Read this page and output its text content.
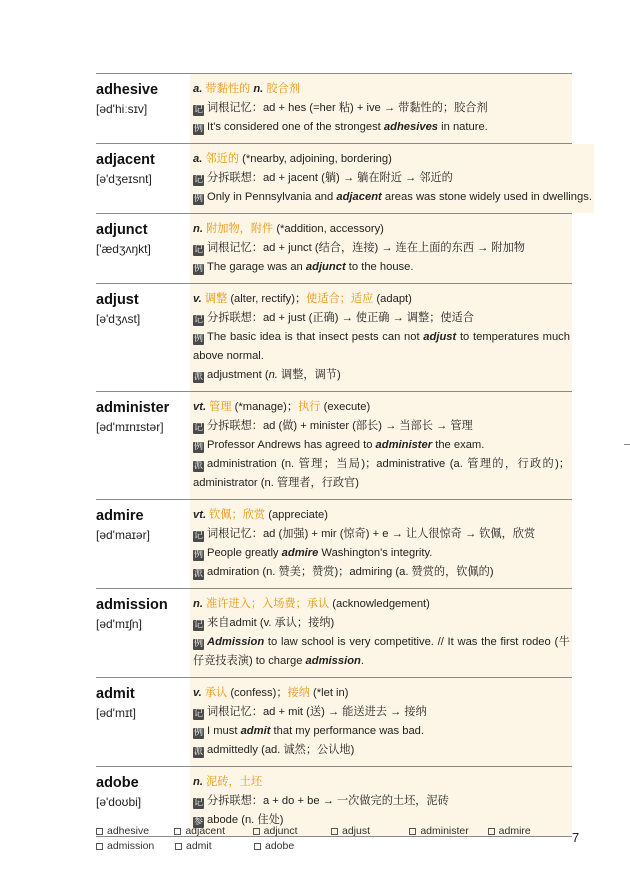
adhesive
[əd'hiːsɪv]
a. 带黏性的 n. 胶合剂
记 词根记忆：ad + hes (=her 粘) + ive → 带黏性的；胶合剂
例 It's considered one of the strongest adhesives in nature.
adjacent
[ə'dʒeɪsnt]
a. 邻近的 (*nearby, adjoining, bordering)
记 分拆联想：ad + jacent (躺) → 躺在附近 → 邻近的
例 Only in Pennsylvania and adjacent areas was stone widely used in dwellings.
adjunct
['ædʒʌŋkt]
n. 附加物，附件 (*addition, accessory)
记 词根记忆：ad + junct (结合，连接) → 连在上面的东西 → 附加物
例 The garage was an adjunct to the house.
adjust
[ə'dʒʌst]
v. 调整 (alter, rectify)；使适合；适应 (adapt)
记 分拆联想：ad + just (正确) → 使正确 → 调整；使适合
例 The basic idea is that insect pests can not adjust to temperatures much above normal.
派 adjustment (n. 调整，调节)
administer
[əd'mɪnɪstər]
vt. 管理 (*manage)；执行 (execute)
记 分拆联想：ad (做) + minister (部长) → 当部长 → 管理
例 Professor Andrews has agreed to administer the exam.
派 administration (n. 管理；当局)；administrative (a. 管理的，行政的)；administrator (n. 管理者，行政官)
admire
[əd'maɪər]
vt. 钦佩；欣赏 (appreciate)
记 词根记忆：ad (加强) + mir (惊奇) + e → 让人很惊奇 → 钦佩，欣赏
例 People greatly admire Washington's integrity.
派 admiration (n. 赞美；赞赏)；admiring (a. 赞赏的，钦佩的)
admission
[əd'mɪʃn]
n. 准许进入；入场费；承认 (acknowledgement)
记 来自admit (v. 承认；接纳)
例 Admission to law school is very competitive. // It was the first rodeo (牛仔竞技表演) to charge admission.
admit
[əd'mɪt]
v. 承认 (confess)；接纳 (*let in)
记 词根记忆：ad + mit (送) → 能送进去 → 接纳
例 I must admit that my performance was bad.
派 admittedly (ad. 诚然；公认地)
adobe
[ə'doʊbi]
n. 泥砖，土坯
记 分拆联想：a + do + be → 一次做完的土坯，泥砖
参 abode (n. 住处)
adhesive	adjacent	adjunct	adjust	administer	admire
admission	admit	adobe
7
